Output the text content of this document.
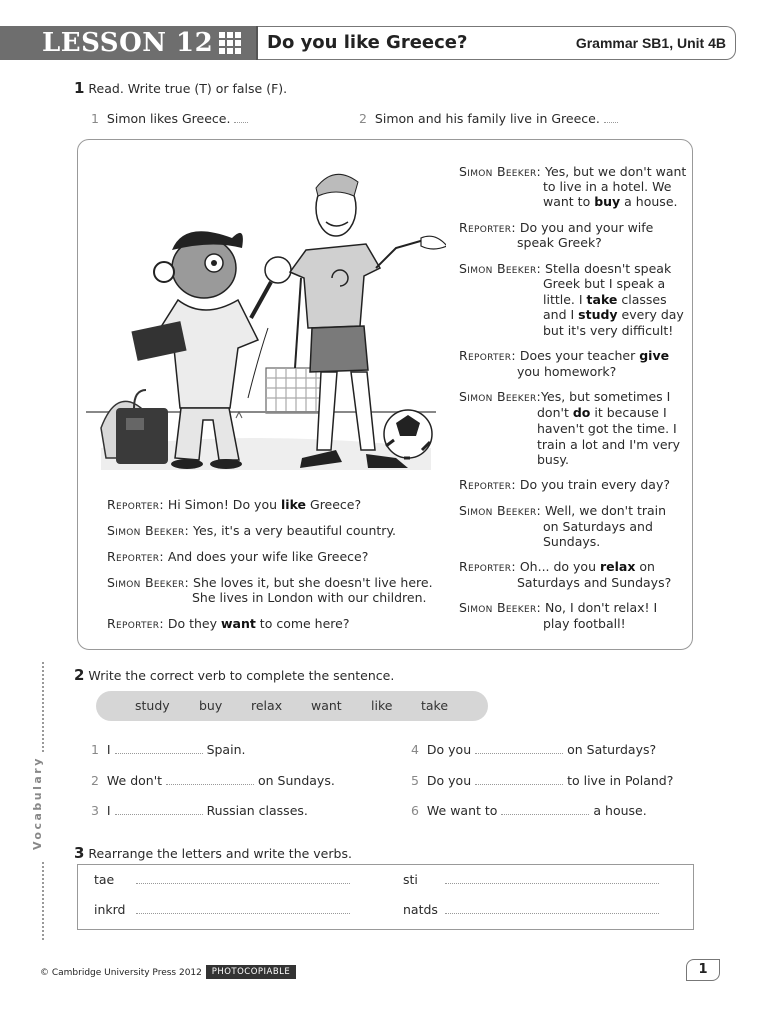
LESSON 12	Do you like Greece?	Grammar SB1, Unit 4B
1 Read. Write true (T) or false (F).
1 Simon likes Greece.	2 Simon and his family live in Greece.
Reporter: Hi Simon! Do you like Greece?
Simon Beeker: Yes, it's a very beautiful country.
Reporter: And does your wife like Greece?
Simon Beeker: She loves it, but she doesn't live here.
She lives in London with our children.
Reporter: Do they want to come here?
Simon Beeker: Yes, but we don't want
to live in a hotel. We
want to buy a house.
Reporter: Do you and your wife
speak Greek?
Simon Beeker: Stella doesn't speak
Greek but I speak a
little. I take classes
and I study every day
but it's very difficult!
Reporter: Does your teacher give
you homework?
Simon Beeker:Yes, but sometimes I
don't do it because I
haven't got the time. I
train a lot and I'm very
busy.
Reporter: Do you train every day?
Simon Beeker: Well, we don't train
on Saturdays and
Sundays.
Reporter: Oh... do you relax on
Saturdays and Sundays?
Simon Beeker: No, I don't relax! I
play football!
Vocabulary
2 Write the correct verb to complete the sentence.
study buy relax want like take
1 I	Spain.
2 We don't	on Sundays.
3 I	Russian classes.
4 Do you	on Saturdays?
5 Do you	to live in Poland?
6 We want to	a house.
3 Rearrange the letters and write the verbs.
tae	sti
inkrd	natds
© Cambridge University Press 2012	PHOTOCOPIABLE	1
